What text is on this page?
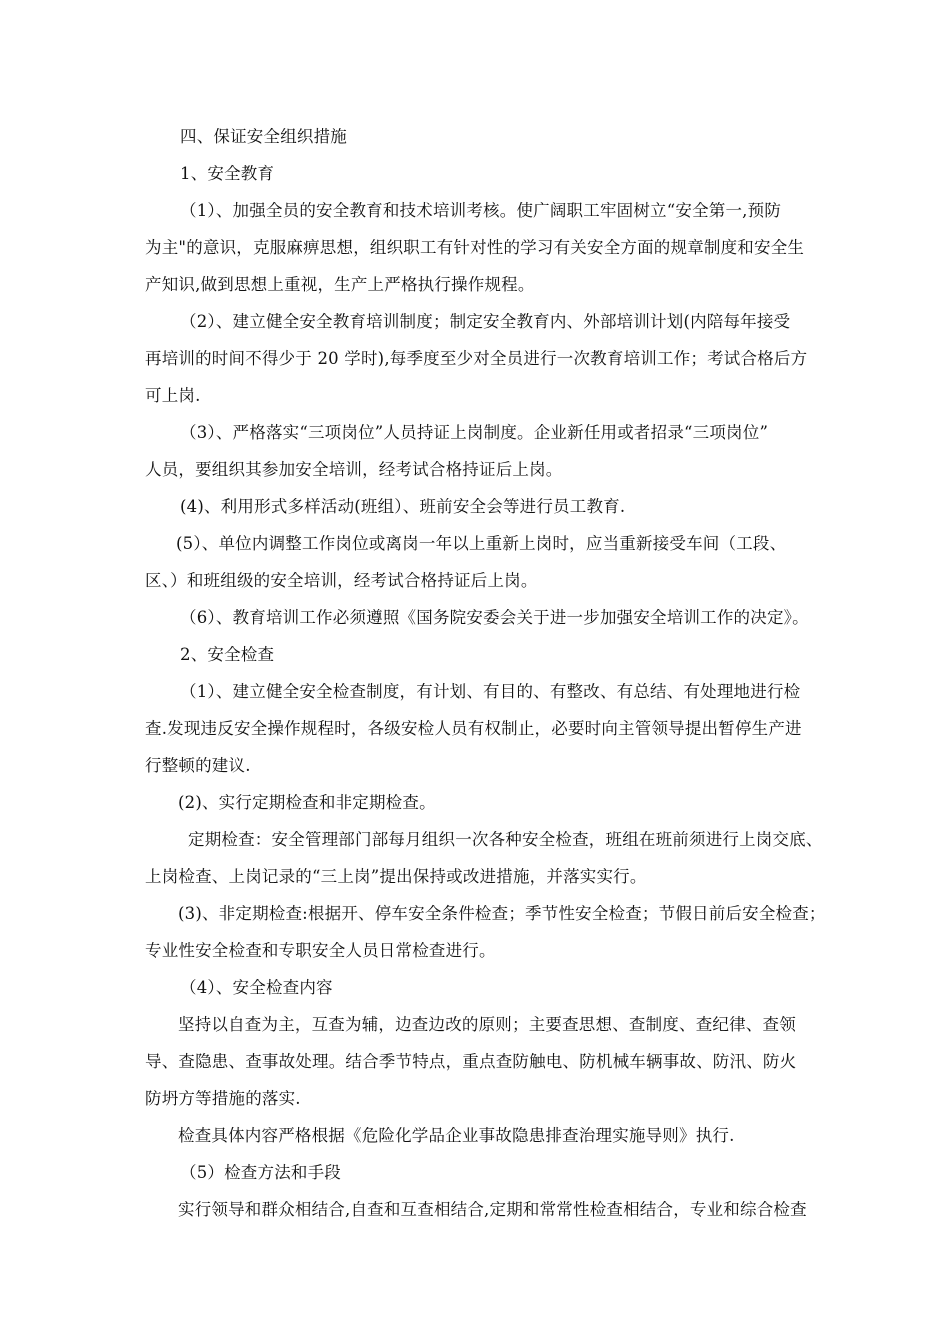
四、保证安全组织措施
1、安全教育
（1）、加强全员的安全教育和技术培训考核。使广阔职工牢固树立“安全第一,预防
为主"的意识，克服麻痹思想，组织职工有针对性的学习有关安全方面的规章制度和安全生
产知识,做到思想上重视，生产上严格执行操作规程。
（2）、建立健全安全教育培训制度；制定安全教育内、外部培训计划(内陪每年接受
再培训的时间不得少于 20 学时),每季度至少对全员进行一次教育培训工作；考试合格后方
可上岗.
（3）、严格落实“三项岗位”人员持证上岗制度。企业新任用或者招录“三项岗位”
人员，要组织其参加安全培训，经考试合格持证后上岗。
(4)、利用形式多样活动(班组）、班前安全会等进行员工教育.
(5）、单位内调整工作岗位或离岗一年以上重新上岗时，应当重新接受车间（工段、
区、）和班组级的安全培训，经考试合格持证后上岗。
（6）、教育培训工作必须遵照《国务院安委会关于进一步加强安全培训工作的决定》。
2、安全检查
（1）、建立健全安全检查制度，有计划、有目的、有整改、有总结、有处理地进行检
查.发现违反安全操作规程时，各级安检人员有权制止，必要时向主管领导提出暂停生产进
行整顿的建议.
(2)、实行定期检查和非定期检查。
定期检查：安全管理部门部每月组织一次各种安全检查，班组在班前须进行上岗交底、
上岗检查、上岗记录的“三上岗”提出保持或改进措施，并落实实行。
(3)、非定期检查:根据开、停车安全条件检查；季节性安全检查；节假日前后安全检查；
专业性安全检查和专职安全人员日常检查进行。
（4）、安全检查内容
坚持以自查为主，互查为辅，边查边改的原则；主要查思想、查制度、查纪律、查领
导、查隐患、查事故处理。结合季节特点，重点查防触电、防机械车辆事故、防汛、防火
防坍方等措施的落实.
检查具体内容严格根据《危险化学品企业事故隐患排查治理实施导则》执行.
（5）检查方法和手段
实行领导和群众相结合,自查和互查相结合,定期和常常性检查相结合，专业和综合检查
